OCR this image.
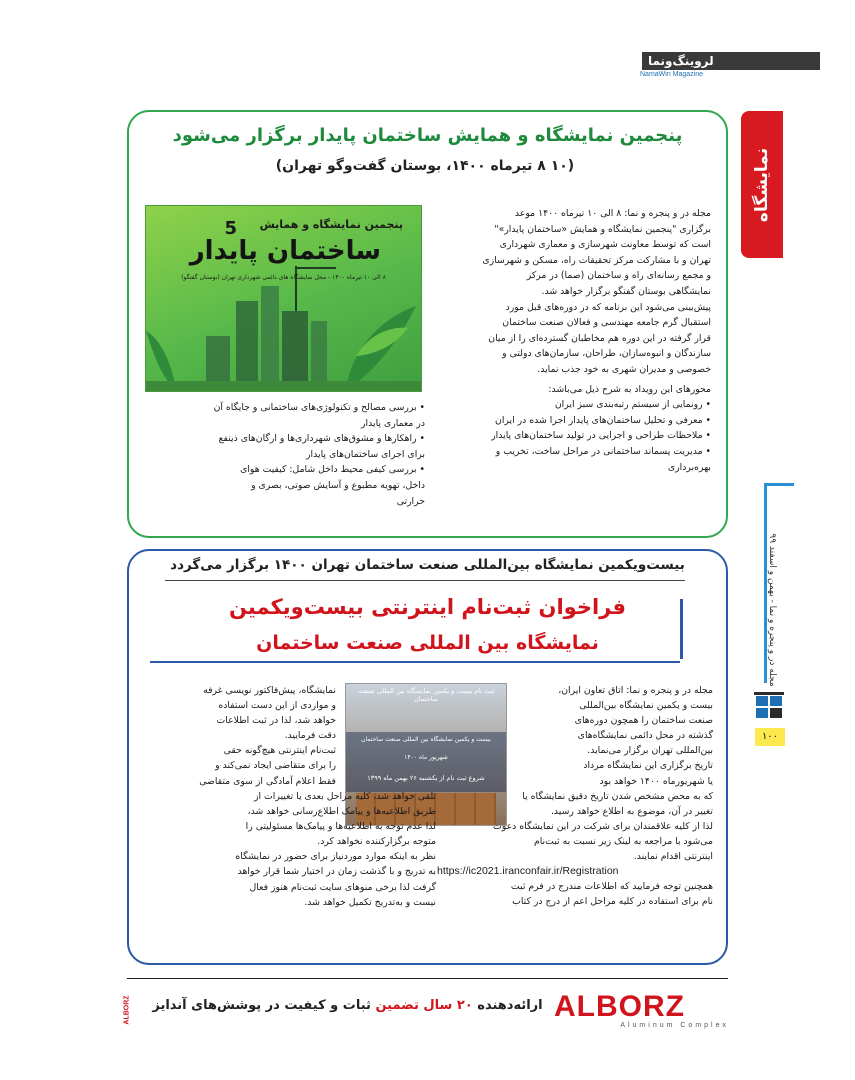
لروینگ‌و‌نما
NamaWin Magazine
نمایشگاه
مجله در و پنجره و نما - بهمن و اسفند ۹۹
۱۰۰
پنجمین نمایشگاه و همایش ساختمان پایدار برگزار می‌شود
(۱۰ ۸ تیرماه ۱۴۰۰، بوستان گفت‌وگو تهران)
5 پنجمین نمایشگاه و همایش
ساختمان پایدار
۸ الی ۱۰ تیرماه ۱۴۰۰ - محل نمایشگاه های دائمی شهرداری تهران (بوستان گفتگو)
مجله در و پنجره و نما: ۸ الی ۱۰ تیرماه ۱۴۰۰ موعد
برگزاری "پنجمین نمایشگاه و همایش «ساختمان پایدار»"
است که توسط معاونت شهرسازی و معماری شهرداری
تهران و با مشارکت مرکز تحقیقات راه، مسکن و شهرسازی
و مجمع رسانه‌ای راه و ساختمان (صما) در مرکز
نمایشگاهی بوستان گفتگو برگزار خواهد شد.
پیش‌بینی می‌شود این برنامه که در دوره‌های قبل مورد
استقبال گرم جامعه مهندسی و فعالان صنعت ساختمان
قرار گرفته در این دوره هم مخاطبان گسترده‌ای را از میان
سازندگان و انبوه‌سازان، طراحان، سازمان‌های دولتی و
خصوصی و مدیران شهری به خود جذب نماید.
محورهای این رویداد به شرح ذیل می‌باشد:
• رونمایی از سیستم رتبه‌بندی سبز ایران
• معرفی و تحلیل ساختمان‌های پایدار اجرا شده در ایران
• ملاحظات طراحی و اجرایی در تولید ساختمان‌های پایدار
• مدیریت پسماند ساختمانی در مراحل ساخت، تخریب و
بهره‌برداری
• بررسی مصالح و تکنولوژی‌های ساختمانی و جایگاه آن
در معماری پایدار
• راهکارها و مشوق‌های شهرداری‌ها و ارگان‌های ذینفع
برای اجرای ساختمان‌های پایدار
• بررسی کیفی محیط داخل شامل: کیفیت هوای
داخل، تهویه مطبوع و آسایش صوتی، بصری و
حرارتی
بیست‌ویکمین نمایشگاه بین‌المللی صنعت ساختمان تهران ۱۴۰۰ برگزار می‌گردد
فراخوان ثبت‌نام اینترنتی بیست‌ویکمین
نمایشگاه بین المللی صنعت ساختمان
ثبت نام بیست و یکمین نمایشگاه بین المللی صنعت ساختمان
بیست و یکمین نمایشگاه بین المللی صنعت ساختمان
شهریور ماه ۱۴۰۰
شروع ثبت نام از یکشنبه ۲۶ بهمن ماه ۱۳۹۹
مجله در و پنجره و نما: اتاق تعاون ایران،
بیست و یکمین نمایشگاه بین‌المللی
صنعت ساختمان را همچون دوره‌های
گذشته در محل دائمی نمایشگاه‌های
بین‌المللی تهران برگزار می‌نماید.
تاریخ برگزاری این نمایشگاه مرداد
یا شهریورماه ۱۴۰۰ خواهد بود
که به محض مشخص شدن تاریخ دقیق نمایشگاه یا
تغییر در آن، موضوع به اطلاع خواهد رسید.
لذا از کلیه علاقمندان برای شرکت در این نمایشگاه دعوت
می‌شود با مراجعه به لینک زیر نسبت به ثبت‌نام
اینترنتی اقدام نمایند.
https://ic2021.iranconfair.ir/Registration
همچنین توجه فرمایید که اطلاعات مندرج در فرم ثبت
نام برای استفاده در کلیه مراحل اعم از درج در کتاب
نمایشگاه، پیش‌فاکتور نویسی غرفه
و مواردی از این دست استفاده
خواهد شد، لذا در ثبت اطلاعات
دقت فرمایید.
ثبت‌نام اینترنتی هیچ‌گونه حقی
را برای متقاضی ایجاد نمی‌کند و
فقط اعلام آمادگی از سوی متقاضی
تلقی خواهد شد، کلیه مراحل بعدی یا تغییرات از
طریق اطلاعیه‌ها و پیامک اطلاع‌رسانی خواهد شد،
لذا عدم توجه به اطلاعیه‌ها و پیامک‌ها مسئولیتی را
متوجه برگزارکننده نخواهد کرد.
نظر به اینکه موارد موردنیاز برای حضور در نمایشگاه
به تدریج و با گذشت زمان در اختیار شما قرار خواهد
گرفت لذا برخی منوهای سایت ثبت‌نام هنوز فعال
نیست و به‌تدریج تکمیل خواهد شد.
ALBORZ	ارائه‌دهنده ۲۰ سال تضمین ثبات و کیفیت در پوشش‌های آندایز	ALBORZ
Aluminum Complex
